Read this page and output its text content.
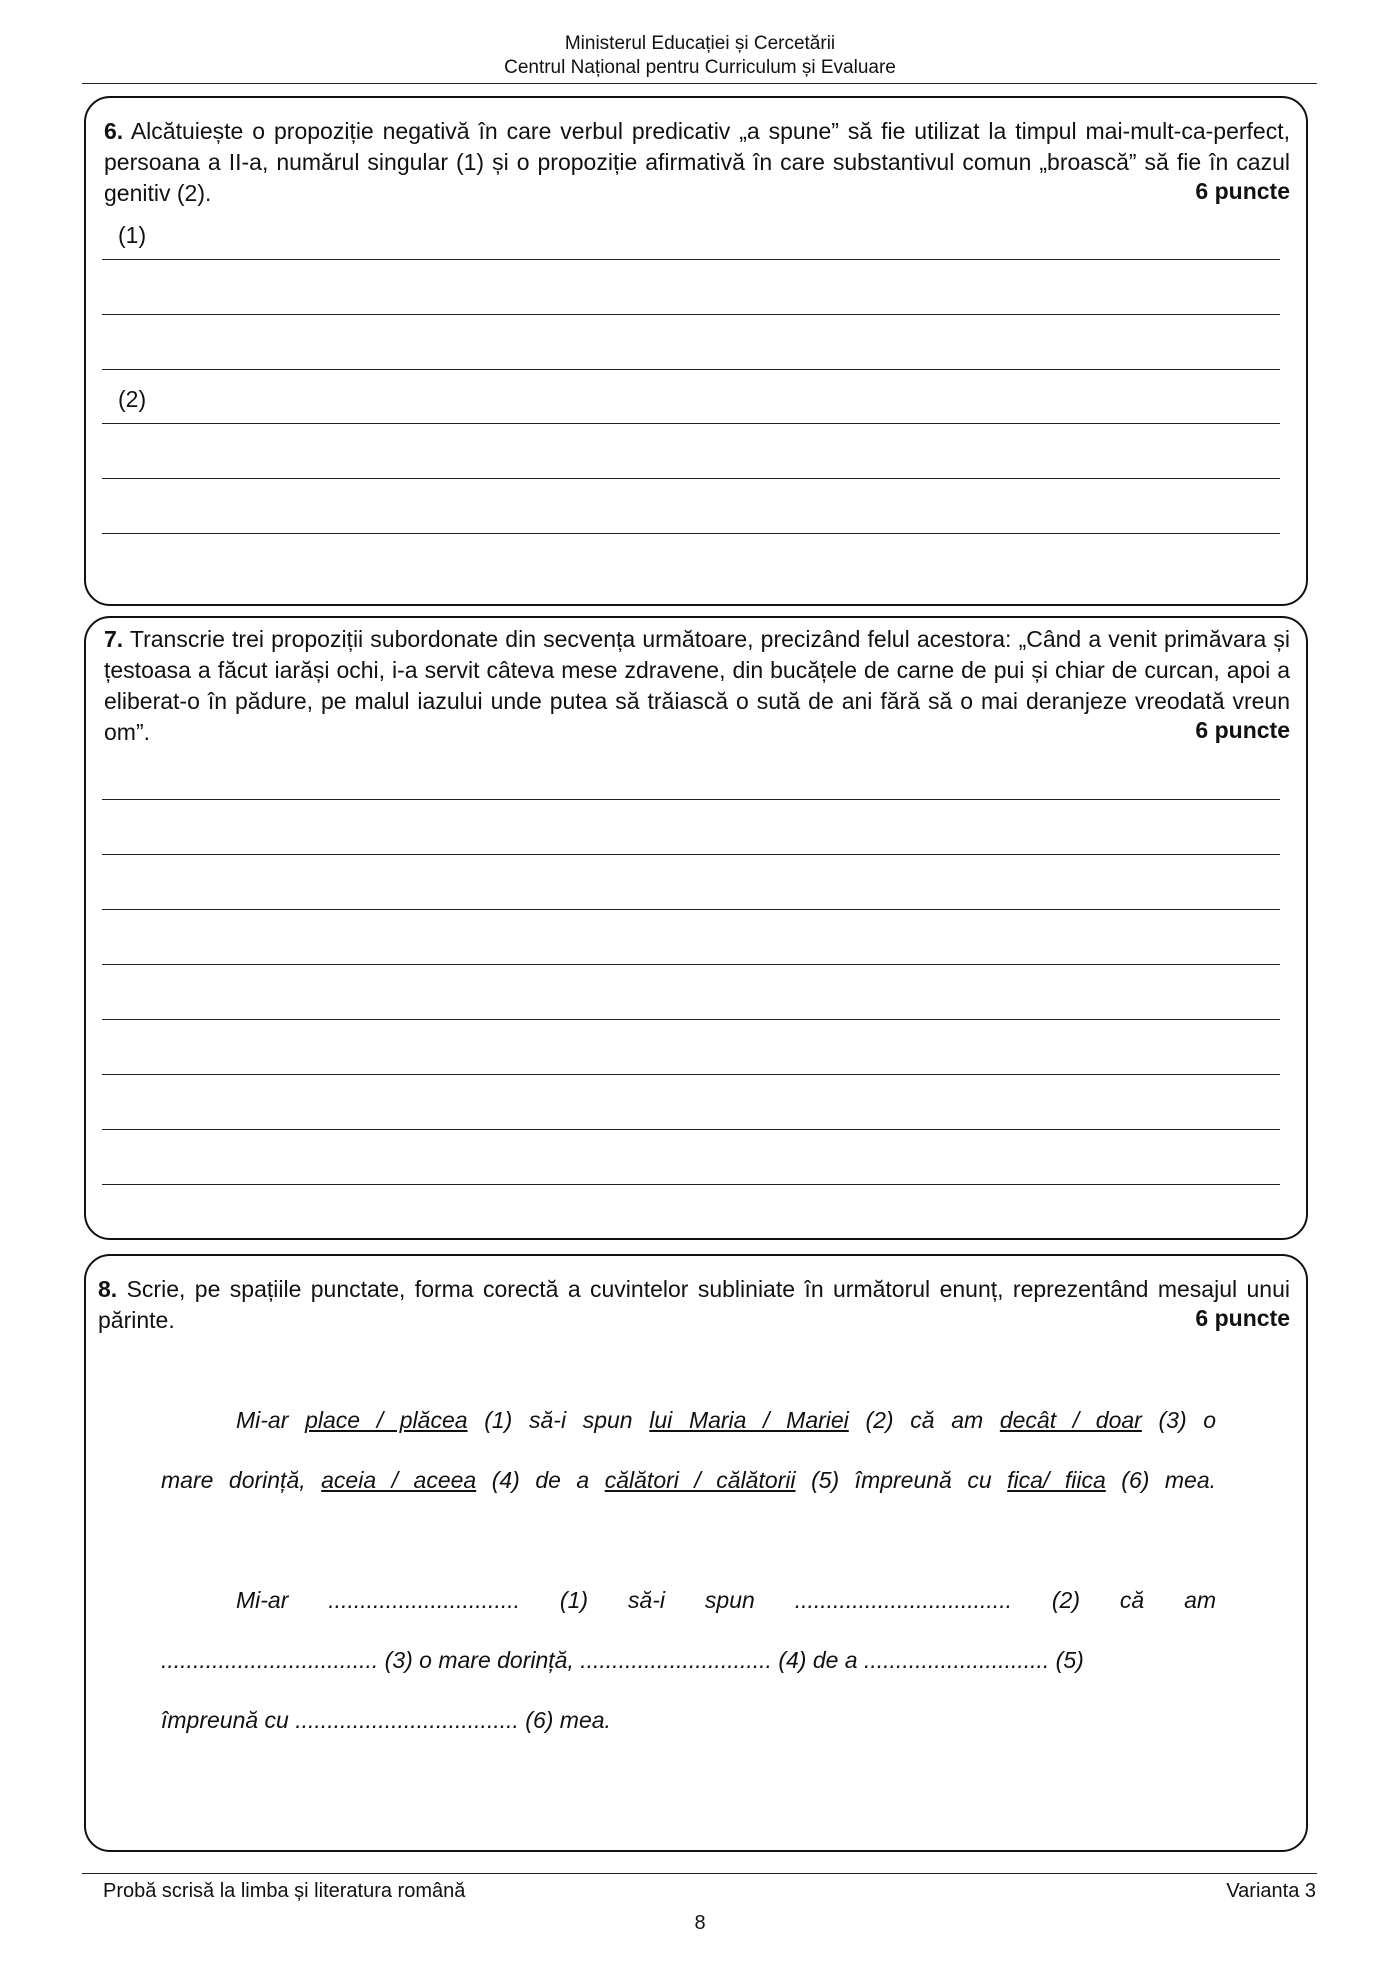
Ministerul Educației și Cercetării
Centrul Național pentru Curriculum și Evaluare
6. Alcătuiește o propoziție negativă în care verbul predicativ „a spune” să fie utilizat la timpul mai-mult-ca-perfect, persoana a II-a, numărul singular (1) și o propoziție afirmativă în care substantivul comun „broască” să fie în cazul genitiv (2).	6 puncte
(1)
(2)
7. Transcrie trei propoziții subordonate din secvența următoare, precizând felul acestora: „Când a venit primăvara și țestoasa a făcut iarăși ochi, i-a servit câteva mese zdravene, din bucățele de carne de pui și chiar de curcan, apoi a eliberat-o în pădure, pe malul iazului unde putea să trăiască o sută de ani fără să o mai deranjeze vreodată vreun om”.	6 puncte
8. Scrie, pe spațiile punctate, forma corectă a cuvintelor subliniate în următorul enunț, reprezentând mesajul unui părinte.	6 puncte
Mi-ar place / plăcea (1) să-i spun lui Maria / Mariei (2) că am decât / doar (3) o
mare dorință, aceia / aceea (4) de a călători / călătorii (5) împreună cu fica/ fiica (6) mea.
Mi-ar .............................. (1) să-i spun .................................. (2) că am
.................................. (3) o mare dorință, .............................. (4) de a ............................. (5)
împreună cu ................................... (6) mea.
Probă scrisă la limba și literatura română	Varianta 3
8
